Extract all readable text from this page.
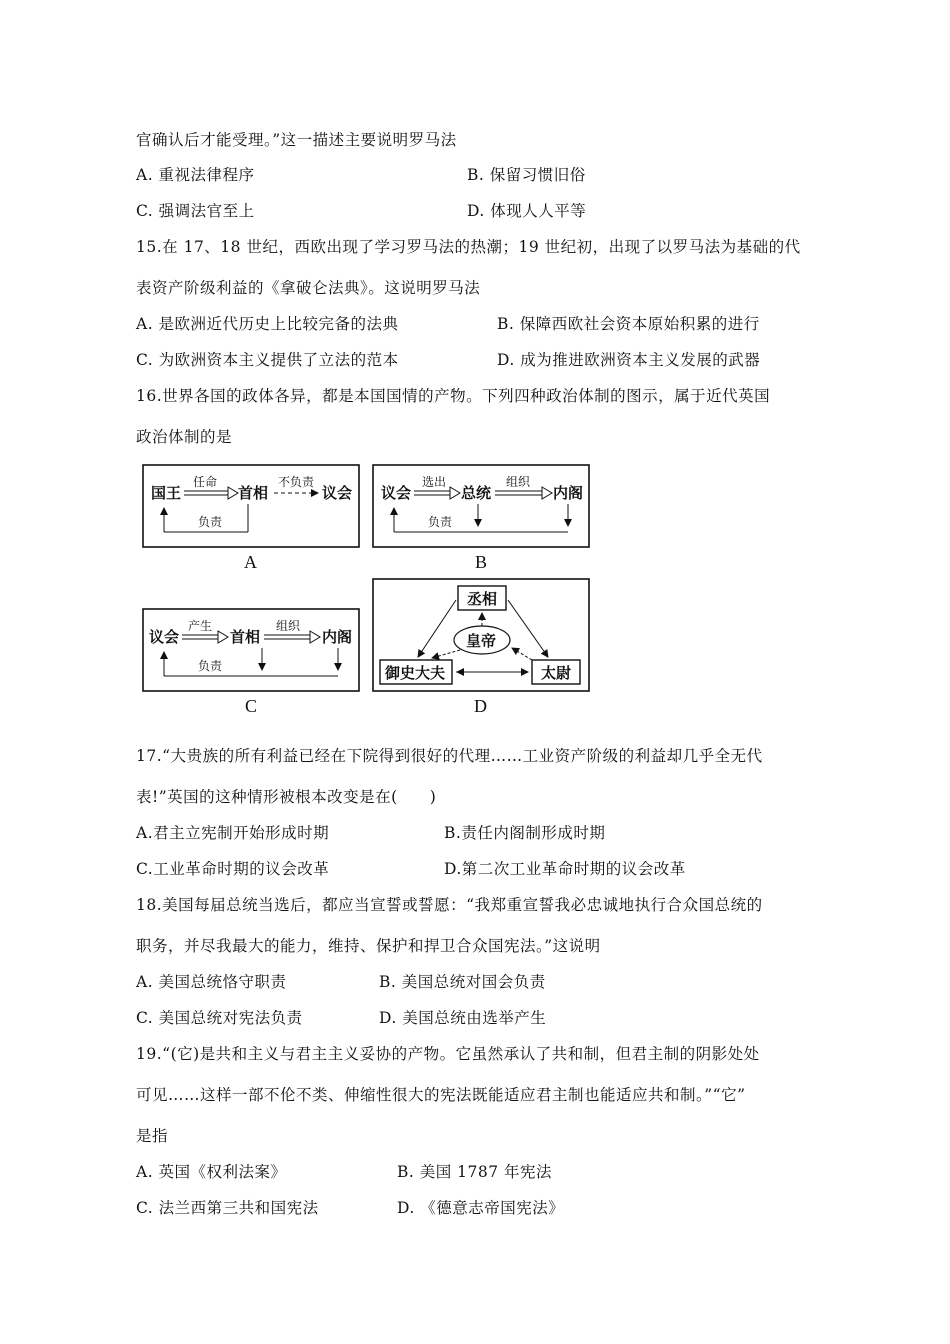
官确认后才能受理。”这一描述主要说明罗马法
A. 重视法律程序	B. 保留习惯旧俗
C. 强调法官至上	D. 体现人人平等
15.在 17、18 世纪，西欧出现了学习罗马法的热潮；19 世纪初，出现了以罗马法为基础的代
表资产阶级利益的《拿破仑法典》。这说明罗马法
A. 是欧洲近代历史上比较完备的法典	B. 保障西欧社会资本原始积累的进行
C. 为欧洲资本主义提供了立法的范本	D. 成为推进欧洲资本主义发展的武器
16.世界各国的政体各异，都是本国国情的产物。下列四种政治体制的图示，属于近代英国
政治体制的是
国王
任命
首相
不负责
议会
负责
A
议会
选出
总统
组织
内阁
负责
B
议会
产生
首相
组织
内阁
负责
C
丞相
皇帝
御史大夫	太尉
D
17.“大贵族的所有利益已经在下院得到很好的代理……工业资产阶级的利益却几乎全无代
表!”英国的这种情形被根本改变是在(　　)
A.君主立宪制开始形成时期	B.责任内阁制形成时期
C.工业革命时期的议会改革	D.第二次工业革命时期的议会改革
18.美国每届总统当选后，都应当宣誓或誓愿：“我郑重宣誓我必忠诚地执行合众国总统的
职务，并尽我最大的能力，维持、保护和捍卫合众国宪法。”这说明
A. 美国总统恪守职责	B. 美国总统对国会负责
C. 美国总统对宪法负责	D. 美国总统由选举产生
19.“(它)是共和主义与君主主义妥协的产物。它虽然承认了共和制，但君主制的阴影处处
可见……这样一部不伦不类、伸缩性很大的宪法既能适应君主制也能适应共和制。”“它”
是指
A. 英国《权利法案》	B. 美国 1787 年宪法
C. 法兰西第三共和国宪法	D. 《德意志帝国宪法》
